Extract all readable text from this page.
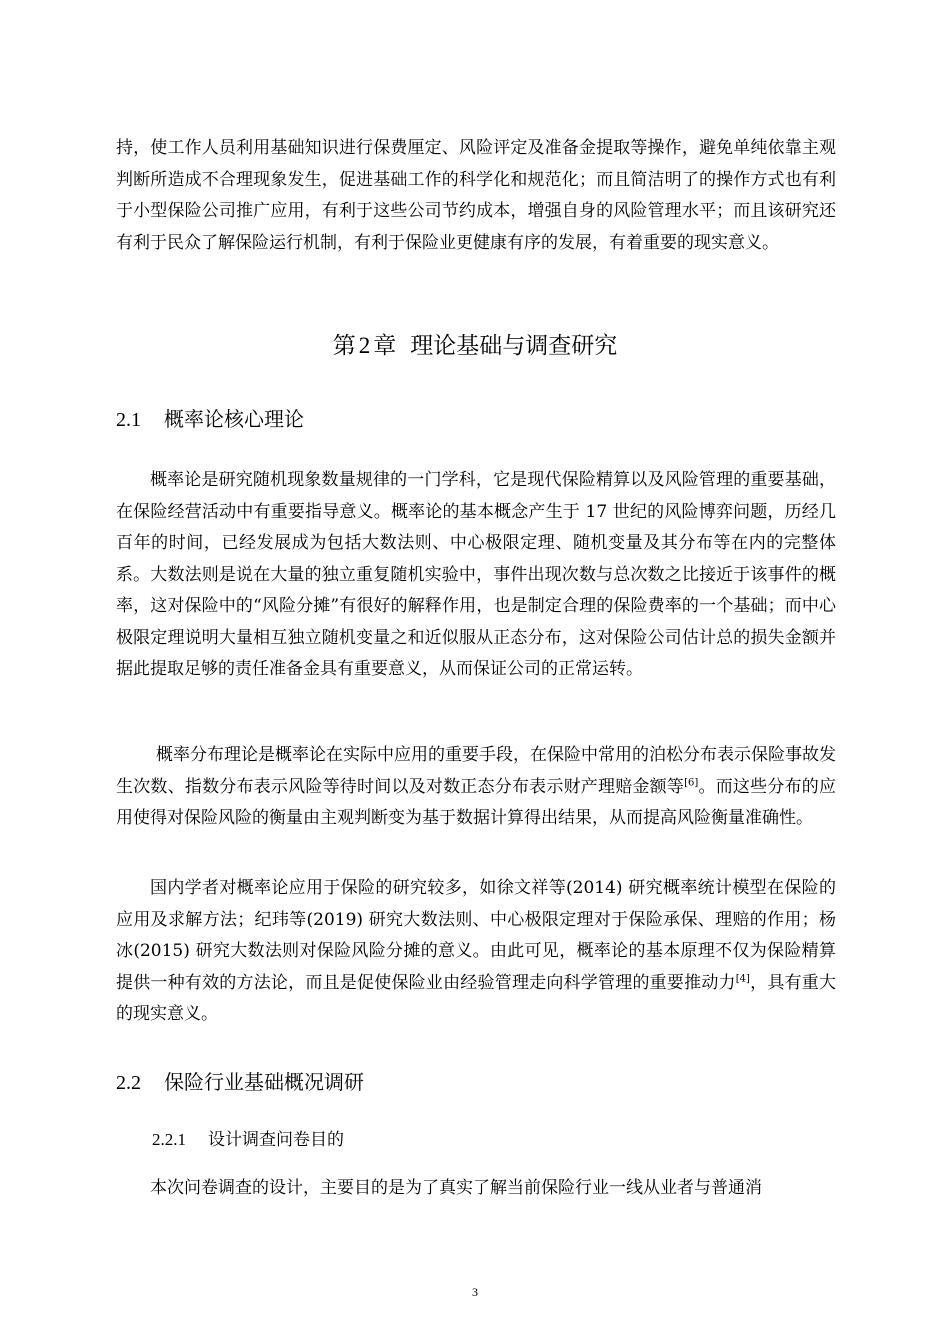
持，使工作人员利用基础知识进行保费厘定、风险评定及准备金提取等操作，避免单纯依靠主观判断所造成不合理现象发生，促进基础工作的科学化和规范化；而且简洁明了的操作方式也有利于小型保险公司推广应用，有利于这些公司节约成本，增强自身的风险管理水平；而且该研究还有利于民众了解保险运行机制，有利于保险业更健康有序的发展，有着重要的现实意义。

第 2 章 理论基础与调查研究
2.1 概率论核心理论

概率论是研究随机现象数量规律的一门学科，它是现代保险精算以及风险管理的重要基础，在保险经营活动中有重要指导意义。概率论的基本概念产生于 17 世纪的风险博弈问题，历经几百年的时间，已经发展成为包括大数法则、中心极限定理、随机变量及其分布等在内的完整体系。大数法则是说在大量的独立重复随机实验中，事件出现次数与总次数之比接近于该事件的概率，这对保险中的“风险分摊”有很好的解释作用，也是制定合理的保险费率的一个基础；而中心极限定理说明大量相互独立随机变量之和近似服从正态分布，这对保险公司估计总的损失金额并据此提取足够的责任准备金具有重要意义，从而保证公司的正常运转。

概率分布理论是概率论在实际中应用的重要手段，在保险中常用的泊松分布表示保险事故发生次数、指数分布表示风险等待时间以及对数正态分布表示财产理赔金额等[6]。而这些分布的应用使得对保险风险的衡量由主观判断变为基于数据计算得出结果，从而提高风险衡量准确性。

国内学者对概率论应用于保险的研究较多，如徐文祥等(2014) 研究概率统计模型在保险的应用及求解方法；纪玮等(2019) 研究大数法则、中心极限定理对于保险承保、理赔的作用；杨冰(2015) 研究大数法则对保险风险分摊的意义。由此可见，概率论的基本原理不仅为保险精算提供一种有效的方法论，而且是促使保险业由经验管理走向科学管理的重要推动力[4]，具有重大的现实意义。

2.2 保险行业基础概况调研
2.2.1 设计调查问卷目的

本次问卷调查的设计，主要目的是为了真实了解当前保险行业一线从业者与普通消

3
